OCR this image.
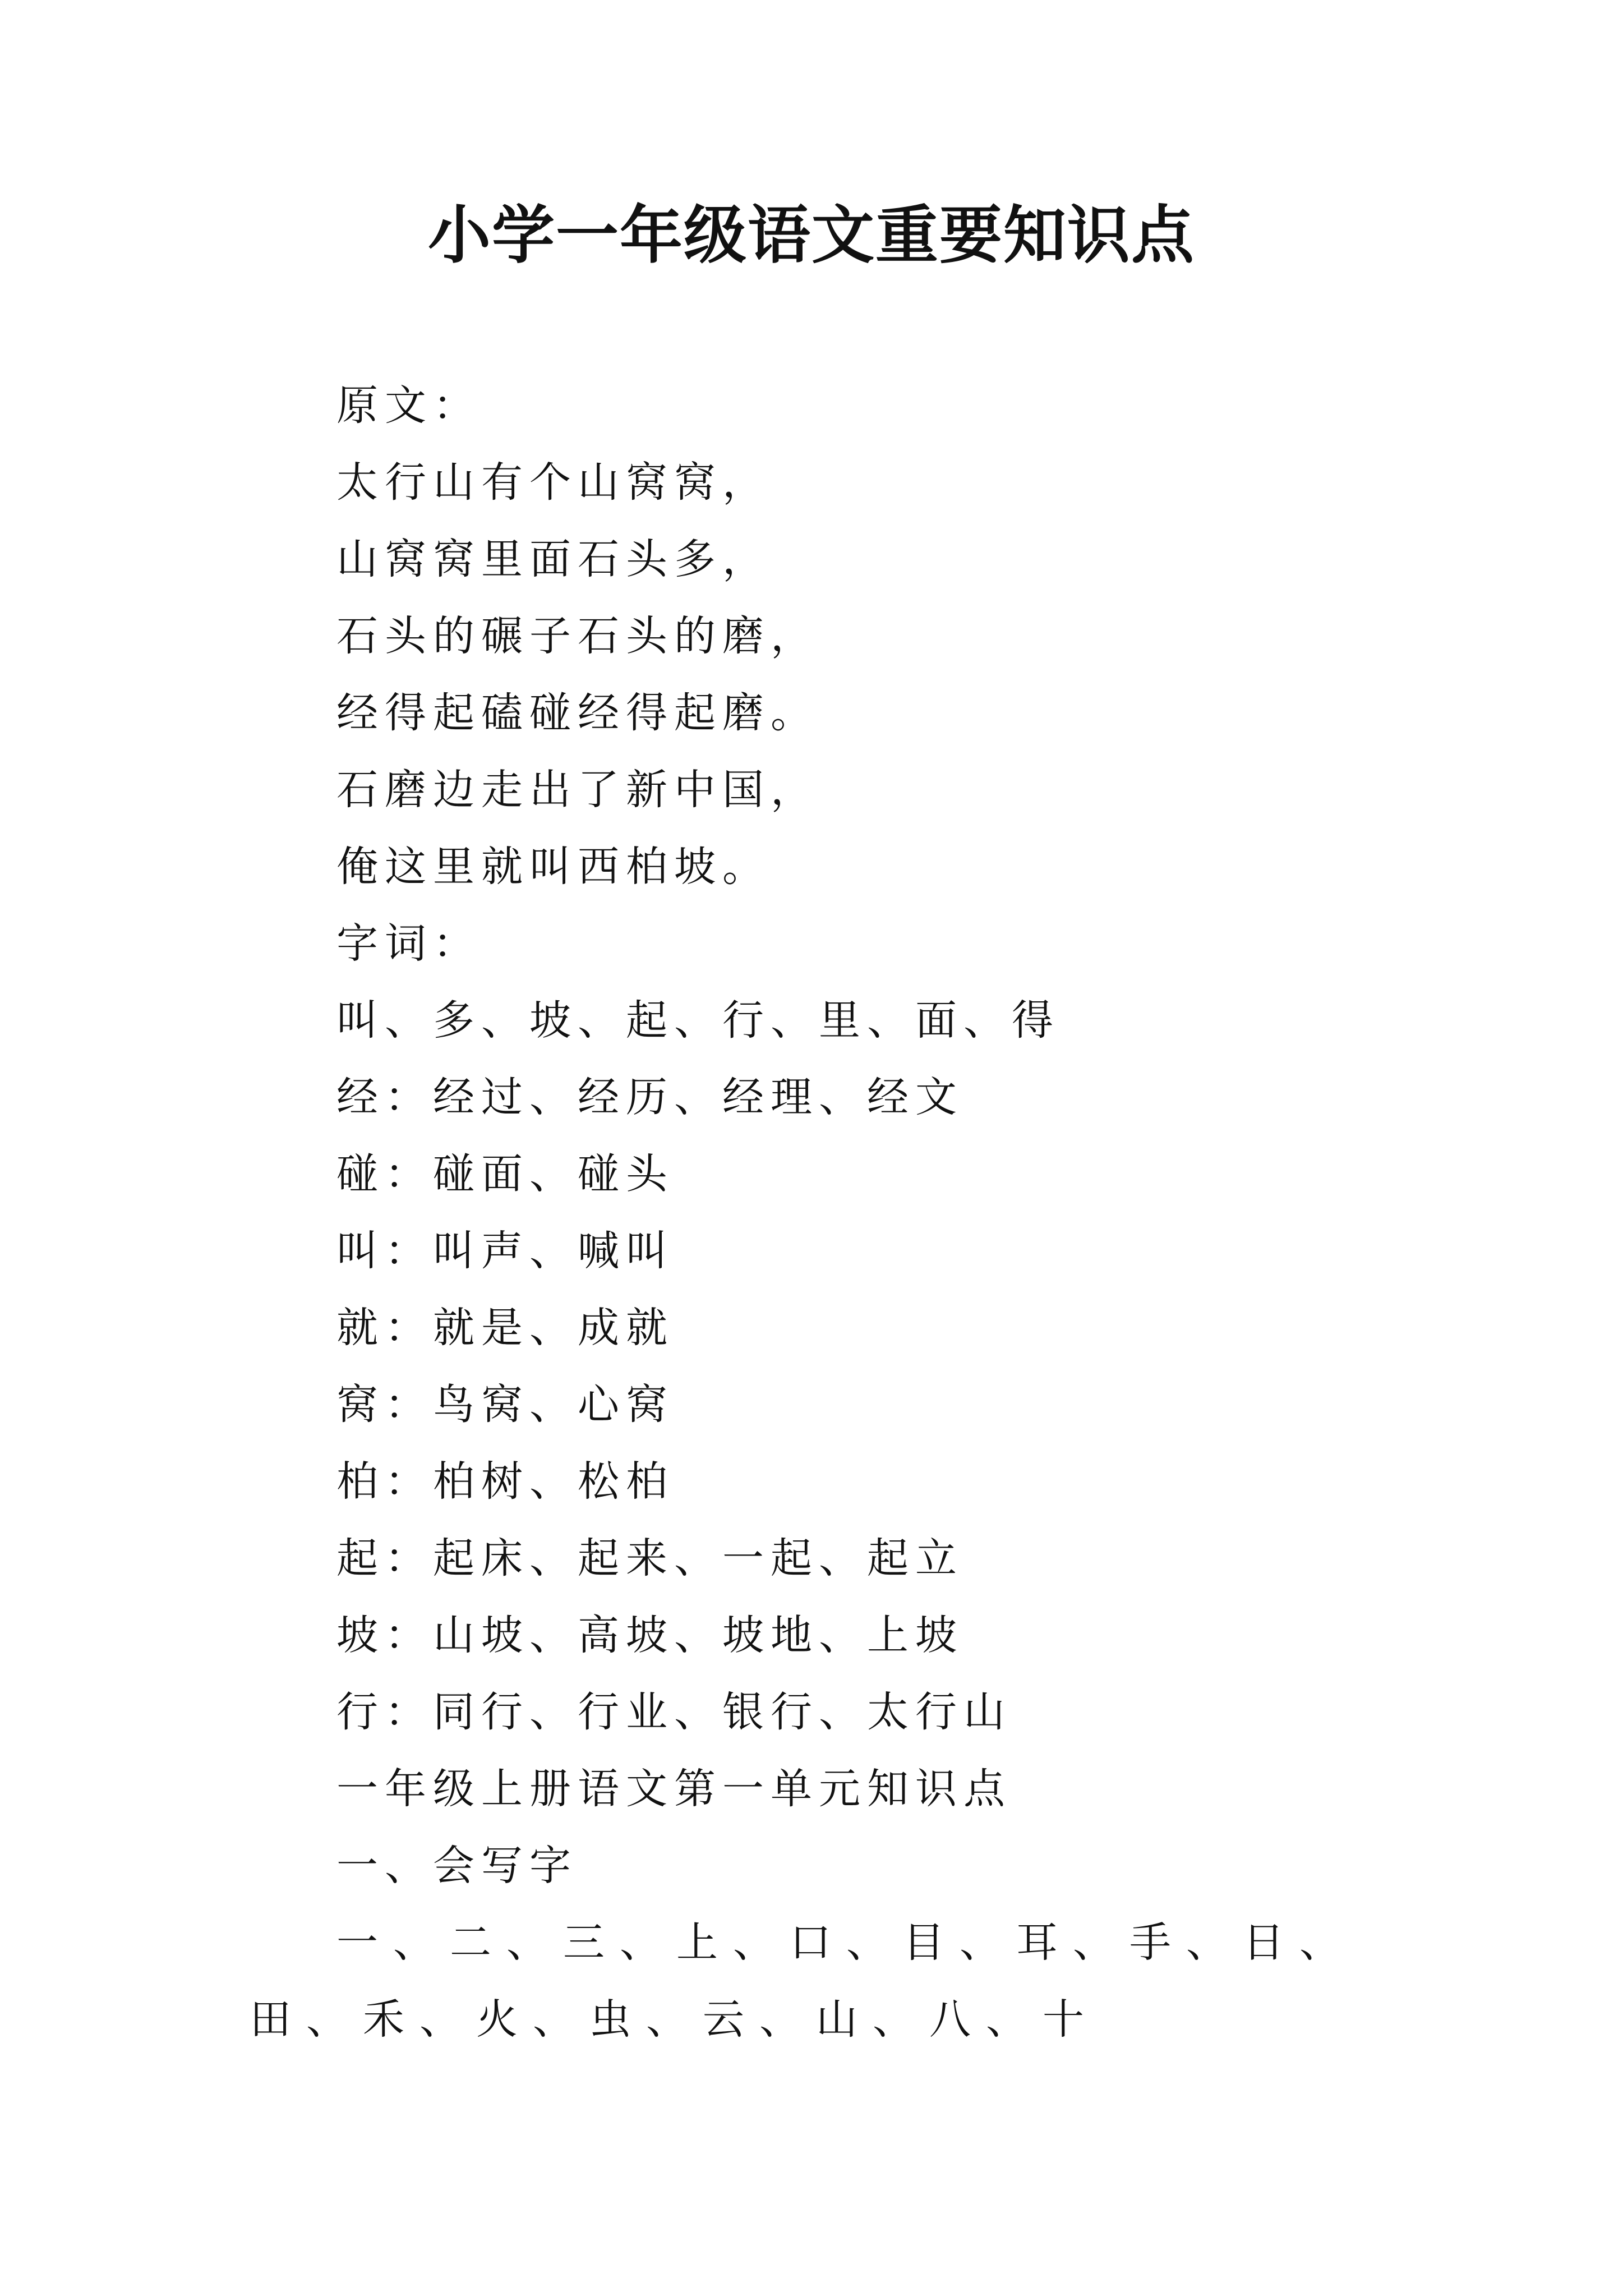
小学一年级语文重要知识点
原文：
太行山有个山窝窝，
山窝窝里面石头多，
石头的碾子石头的磨，
经得起磕碰经得起磨。
石磨边走出了新中国，
俺这里就叫西柏坡。
字词：
叫、多、坡、起、行、里、面、得
经：经过、经历、经理、经文
碰：碰面、碰头
叫：叫声、喊叫
就：就是、成就
窝：鸟窝、心窝
柏：柏树、松柏
起：起床、起来、一起、起立
坡：山坡、高坡、坡地、上坡
行：同行、行业、银行、太行山
一年级上册语文第一单元知识点
一、会写字
一、二、三、上、口、目、耳、手、日、田、禾、火、虫、云、山、八、十
